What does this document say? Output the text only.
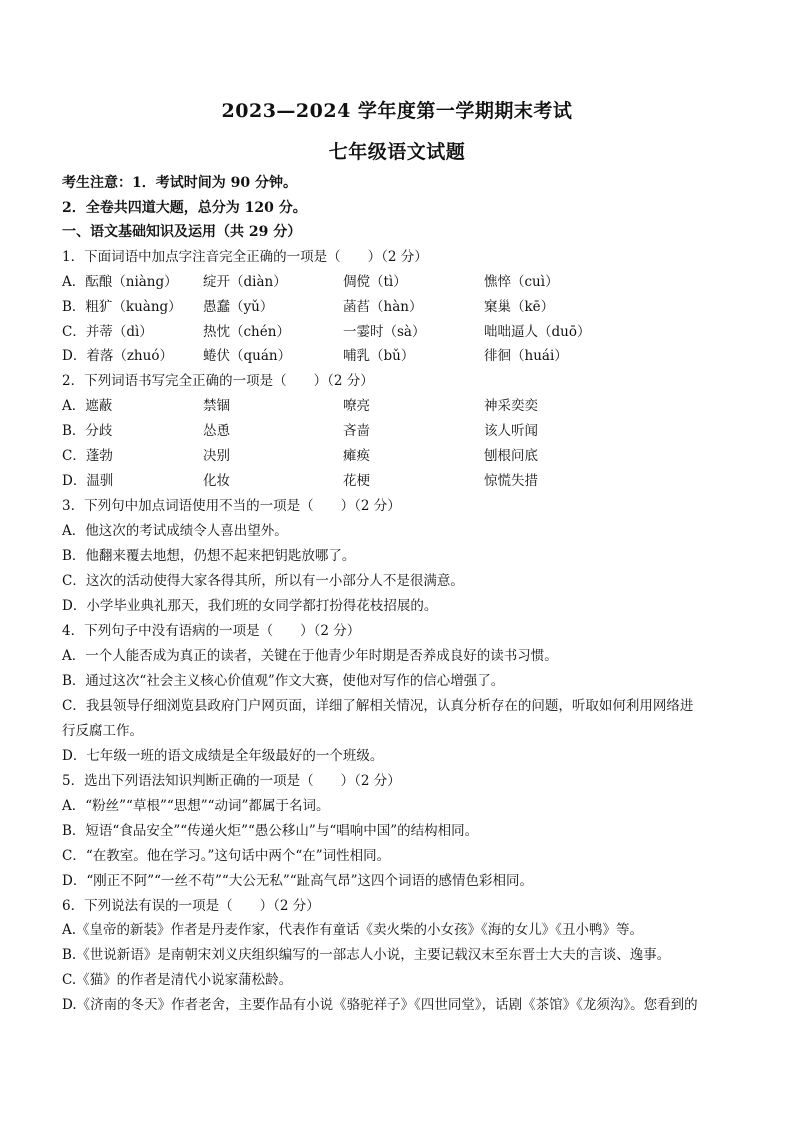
2023—2024 学年度第一学期期末考试
七年级语文试题
考生注意：1．考试时间为 90 分钟。
2．全卷共四道大题，总分为 120 分。
一、语文基础知识及运用（共 29 分）
1．下面词语中加点字注音完全正确的一项是（　　）（2 分）
A．酝酿（niàng） 绽开（diàn）	倜傥（tì）	憔悴（cuì）
B．粗犷（kuàng） 愚蠢（yǔ）	菡萏（hàn）	窠巢（kē）
C．并蒂（dì）	热忱（chén）	一霎时（sà）	咄咄逼人（duō）
D．着落（zhuó） 蜷伏（quán）	哺乳（bǔ）	徘徊（huái）
2．下列词语书写完全正确的一项是（　　）（2 分）
A．遮蔽	禁锢	嘹亮	神采奕奕
B．分歧	怂恿	吝啬	该人听闻
C．蓬勃	决别	瘫痪	刨根问底
D．温驯	化妆	花梗	惊慌失措
3．下列句中加点词语使用不当的一项是（　　）（2 分）
A．他这次的考试成绩令人喜出望外。
B．他翻来覆去地想，仍想不起来把钥匙放哪了。
C．这次的活动使得大家各得其所，所以有一小部分人不是很满意。
D．小学毕业典礼那天，我们班的女同学都打扮得花枝招展的。
4．下列句子中没有语病的一项是（　　）（2 分）
A．一个人能否成为真正的读者，关键在于他青少年时期是否养成良好的读书习惯。
B．通过这次“社会主义核心价值观”作文大赛，使他对写作的信心增强了。
C．我县领导仔细浏览县政府门户网页面，详细了解相关情况，认真分析存在的问题，听取如何利用网络进
行反腐工作。
D．七年级一班的语文成绩是全年级最好的一个班级。
5．选出下列语法知识判断正确的一项是（　　）（2 分）
A．“粉丝”“草根”“思想”“动词”都属于名词。
B．短语“食品安全”“传递火炬”“愚公移山”与“唱响中国”的结构相同。
C．“在教室。他在学习。”这句话中两个“在”词性相同。
D．“刚正不阿”“一丝不苟”“大公无私”“趾高气昂”这四个词语的感情色彩相同。
6．下列说法有误的一项是（　　）（2 分）
A.《皇帝的新装》作者是丹麦作家，代表作有童话《卖火柴的小女孩》《海的女儿》《丑小鸭》等。
B.《世说新语》是南朝宋刘义庆组织编写的一部志人小说，主要记载汉末至东晋士大夫的言谈、逸事。
C.《猫》的作者是清代小说家蒲松龄。
D.《济南的冬天》作者老舍，主要作品有小说《骆驼祥子》《四世同堂》，话剧《茶馆》《龙须沟》。您看到的
